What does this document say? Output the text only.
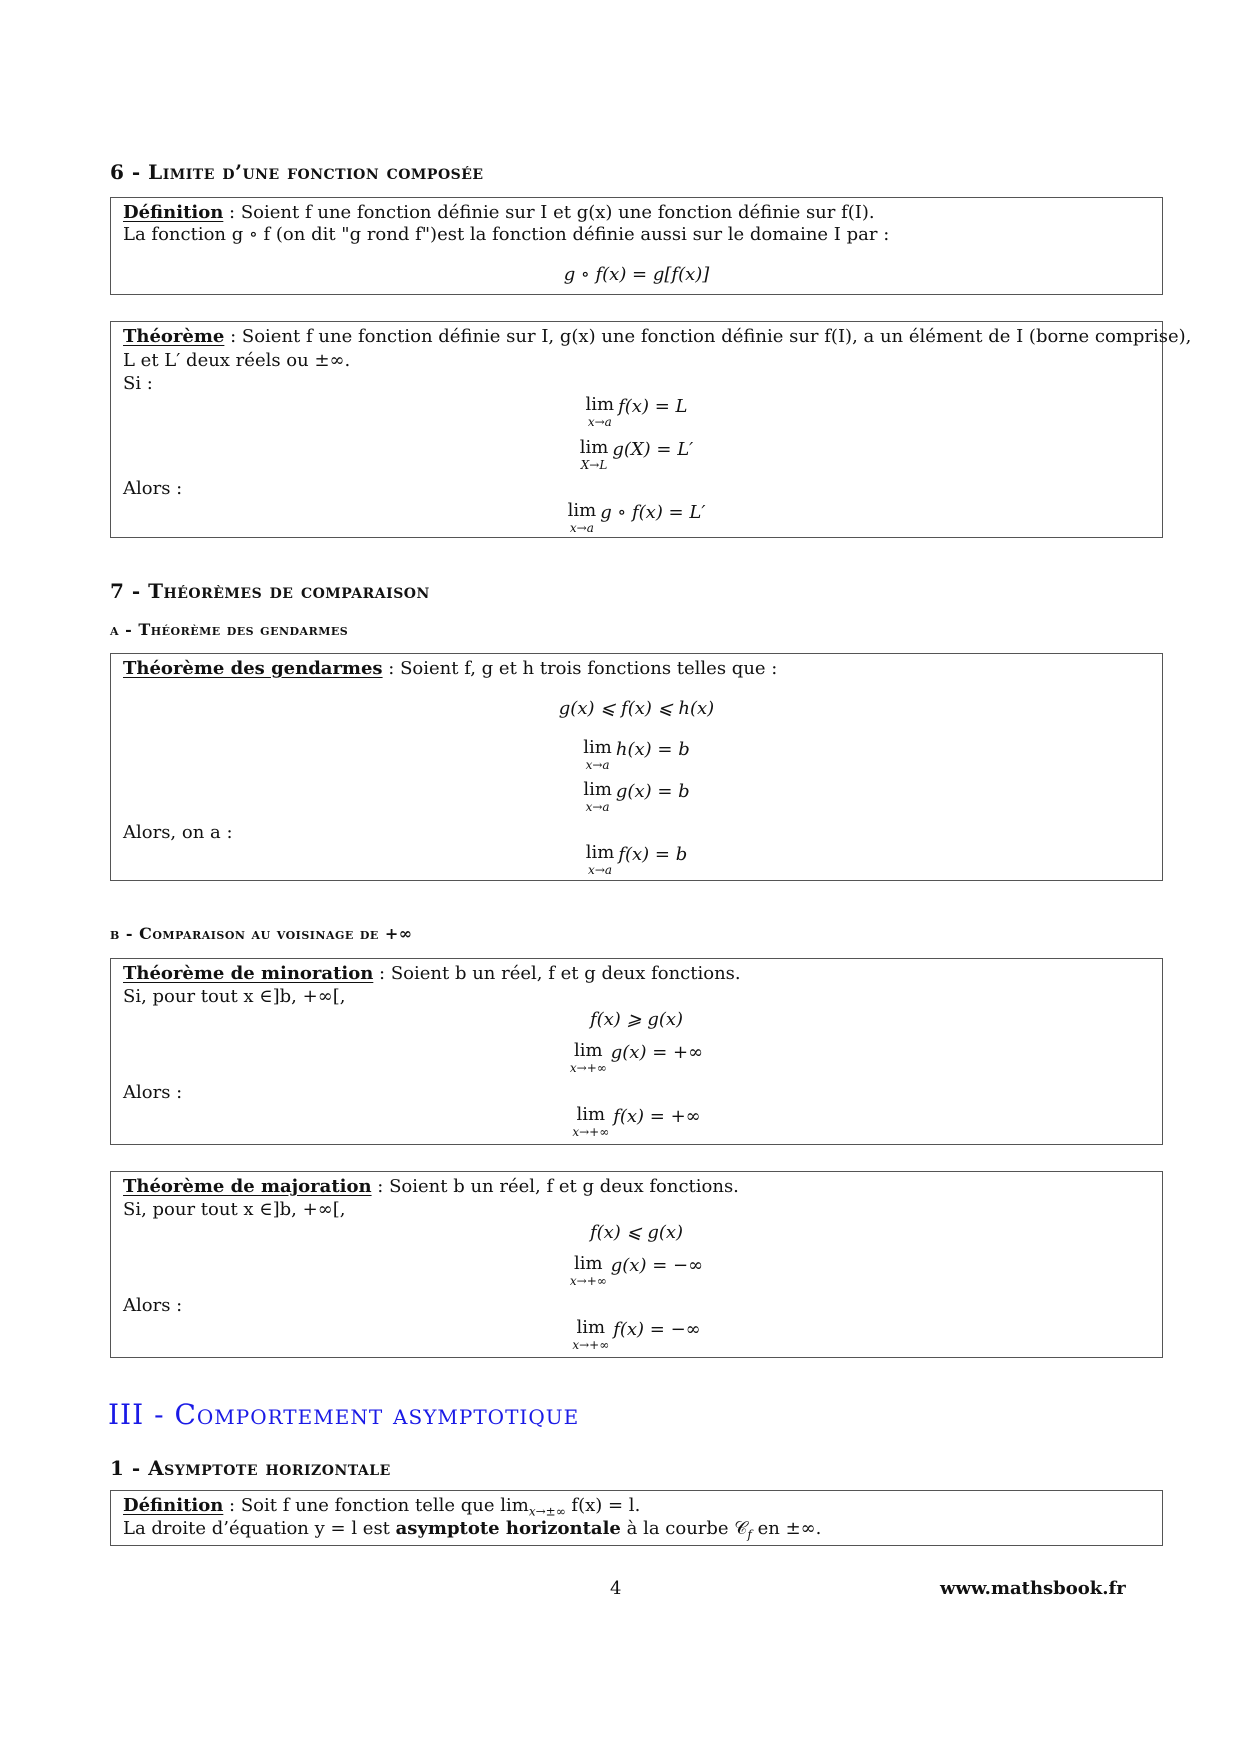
6 - Limite d’une fonction composée
Définition : Soient f une fonction définie sur I et g(x) une fonction définie sur f(I).
La fonction g ∘ f (on dit "g rond f")est la fonction définie aussi sur le domaine I par :
g ∘ f(x) = g[f(x)]
Théorème : Soient f une fonction définie sur I, g(x) une fonction définie sur f(I), a un élément de I (borne comprise),
L et L′ deux réels ou ±∞.
Si :
lim
x→a
f(x) = L
lim
X→L
g(X) = L′
Alors :
lim
x→a
g ∘ f(x) = L′
7 - Théorèmes de comparaison
a - Théorème des gendarmes
Théorème des gendarmes : Soient f, g et h trois fonctions telles que :
g(x) ⩽ f(x) ⩽ h(x)
lim
x→a
h(x) = b
lim
x→a
g(x) = b
Alors, on a :
lim
x→a
f(x) = b
b - Comparaison au voisinage de +∞
Théorème de minoration : Soient b un réel, f et g deux fonctions.
Si, pour tout x ∈]b, +∞[,
f(x) ⩾ g(x)
lim
x→+∞
g(x) = +∞
Alors :
lim
x→+∞
f(x) = +∞
Théorème de majoration : Soient b un réel, f et g deux fonctions.
Si, pour tout x ∈]b, +∞[,
f(x) ⩽ g(x)
lim
x→+∞
g(x) = −∞
Alors :
lim
x→+∞
f(x) = −∞
III - Comportement asymptotique
1 - Asymptote horizontale
Définition : Soit f une fonction telle que $\lim_{x\to\pm\infty} f(x) = l$.
La droite d’équation y = l est asymptote horizontale à la courbe 𝒞$_f$ en ±∞.
4	www.mathsbook.fr
